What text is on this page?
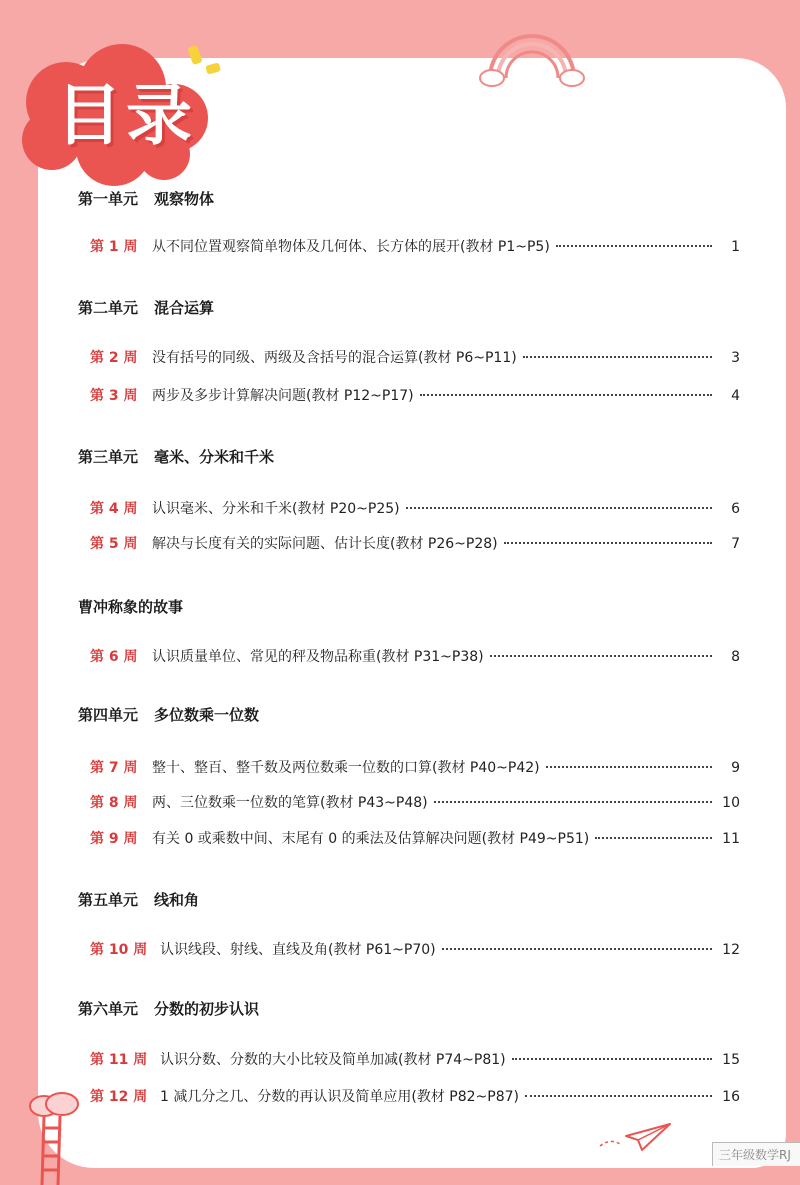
目录
第一单元 观察物体
第 1 周	从不同位置观察简单物体及几何体、长方体的展开(教材 P1~P5)	1
第二单元 混合运算
第 2 周	没有括号的同级、两级及含括号的混合运算(教材 P6~P11)	3
第 3 周	两步及多步计算解决问题(教材 P12~P17)	4
第三单元 毫米、分米和千米
第 4 周	认识毫米、分米和千米(教材 P20~P25)	6
第 5 周	解决与长度有关的实际问题、估计长度(教材 P26~P28)	7
曹冲称象的故事
第 6 周	认识质量单位、常见的秤及物品称重(教材 P31~P38)	8
第四单元 多位数乘一位数
第 7 周	整十、整百、整千数及两位数乘一位数的口算(教材 P40~P42)	9
第 8 周	两、三位数乘一位数的笔算(教材 P43~P48)	10
第 9 周	有关 0 或乘数中间、末尾有 0 的乘法及估算解决问题(教材 P49~P51)	11
第五单元 线和角
第 10 周 认识线段、射线、直线及角(教材 P61~P70)	12
第六单元 分数的初步认识
第 11 周 认识分数、分数的大小比较及简单加减(教材 P74~P81)	15
第 12 周 1 减几分之几、分数的再认识及简单应用(教材 P82~P87)	16
三年级数学RJ
